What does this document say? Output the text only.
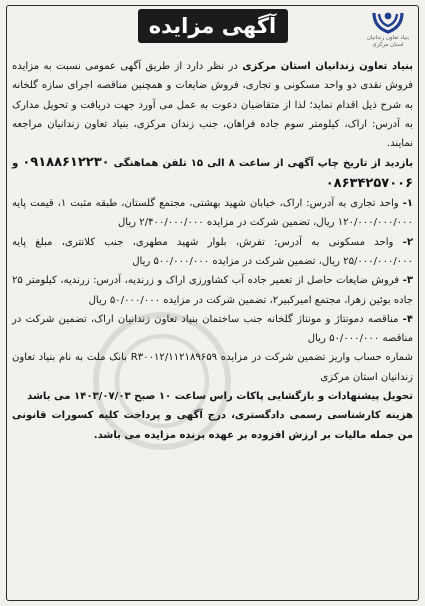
بنیاد تعاون زندانیان
استان مرکزی
آگهی مزایده

بنیاد تعاون زندانیان استان مرکزی در نظر دارد از طریق آگهی عمومی نسبت به مزایده فروش نقدی دو واحد مسکونی و تجاری، فروش ضایعات و همچنین مناقصه اجرای سازه گلخانه به شرح ذیل اقدام نماید؛ لذا از متقاضیان دعوت به عمل می آورد جهت دریافت و تحویل مدارک به آدرس: اراک، کیلومتر سوم جاده فراهان، جنب زندان مرکزی، بنیاد تعاون زندانیان مراجعه نمایند.

بازدید از تاریخ چاپ آگهی از ساعت ۸ الی ۱۵ تلفن هماهنگی ۰۹۱۸۸۶۱۲۲۳۰ و ۰۸۶۳۴۲۵۷۰۰۶

۱- واحد تجاری به آدرس: اراک، خیابان شهید بهشتی، مجتمع گلستان، طبقه مثبت ۱، قیمت پایه ۱۲۰/۰۰۰/۰۰۰/۰۰۰ ریال، تضمین شرکت در مزایده ۲/۴۰۰/۰۰۰/۰۰۰ ریال

۲- واحد مسکونی به آدرس: تفرش، بلوار شهید مطهری، جنب کلانتری، مبلغ پایه ۲۵/۰۰۰/۰۰۰/۰۰۰ ریال، تضمین شرکت در مزایده ۵۰۰/۰۰۰/۰۰۰ ریال

۳- فروش ضایعات حاصل از تعمیر جاده آب کشاورزی اراک و زرندیه، آدرس: زرندیه، کیلومتر ۲۵ جاده بوئین زهرا، مجتمع امیرکبیر۲، تضمین شرکت در مزایده ۵۰/۰۰۰/۰۰۰ ریال

۴- مناقصه دمونتاژ و مونتاژ گلخانه جنب ساختمان بنیاد تعاون زندانیان اراک، تضمین شرکت در مناقصه ۵۰/۰۰۰/۰۰۰ ریال

شماره حساب واریز تضمین شرکت در مزایده ۱۱۲۱۸۹۶۵۹/R۳۰۰۱۲ بانک ملت به نام بنیاد تعاون زندانیان استان مرکزی

تحویل پیشنهادات و بازگشایی پاکات راس ساعت ۱۰ صبح ۱۴۰۳/۰۷/۰۳ می باشد

هزینه کارشناسی رسمی دادگستری، درج آگهی و پرداخت کلیه کسورات قانونی من جمله مالیات بر ارزش افزوده بر عهده برنده مزایده می باشد.
